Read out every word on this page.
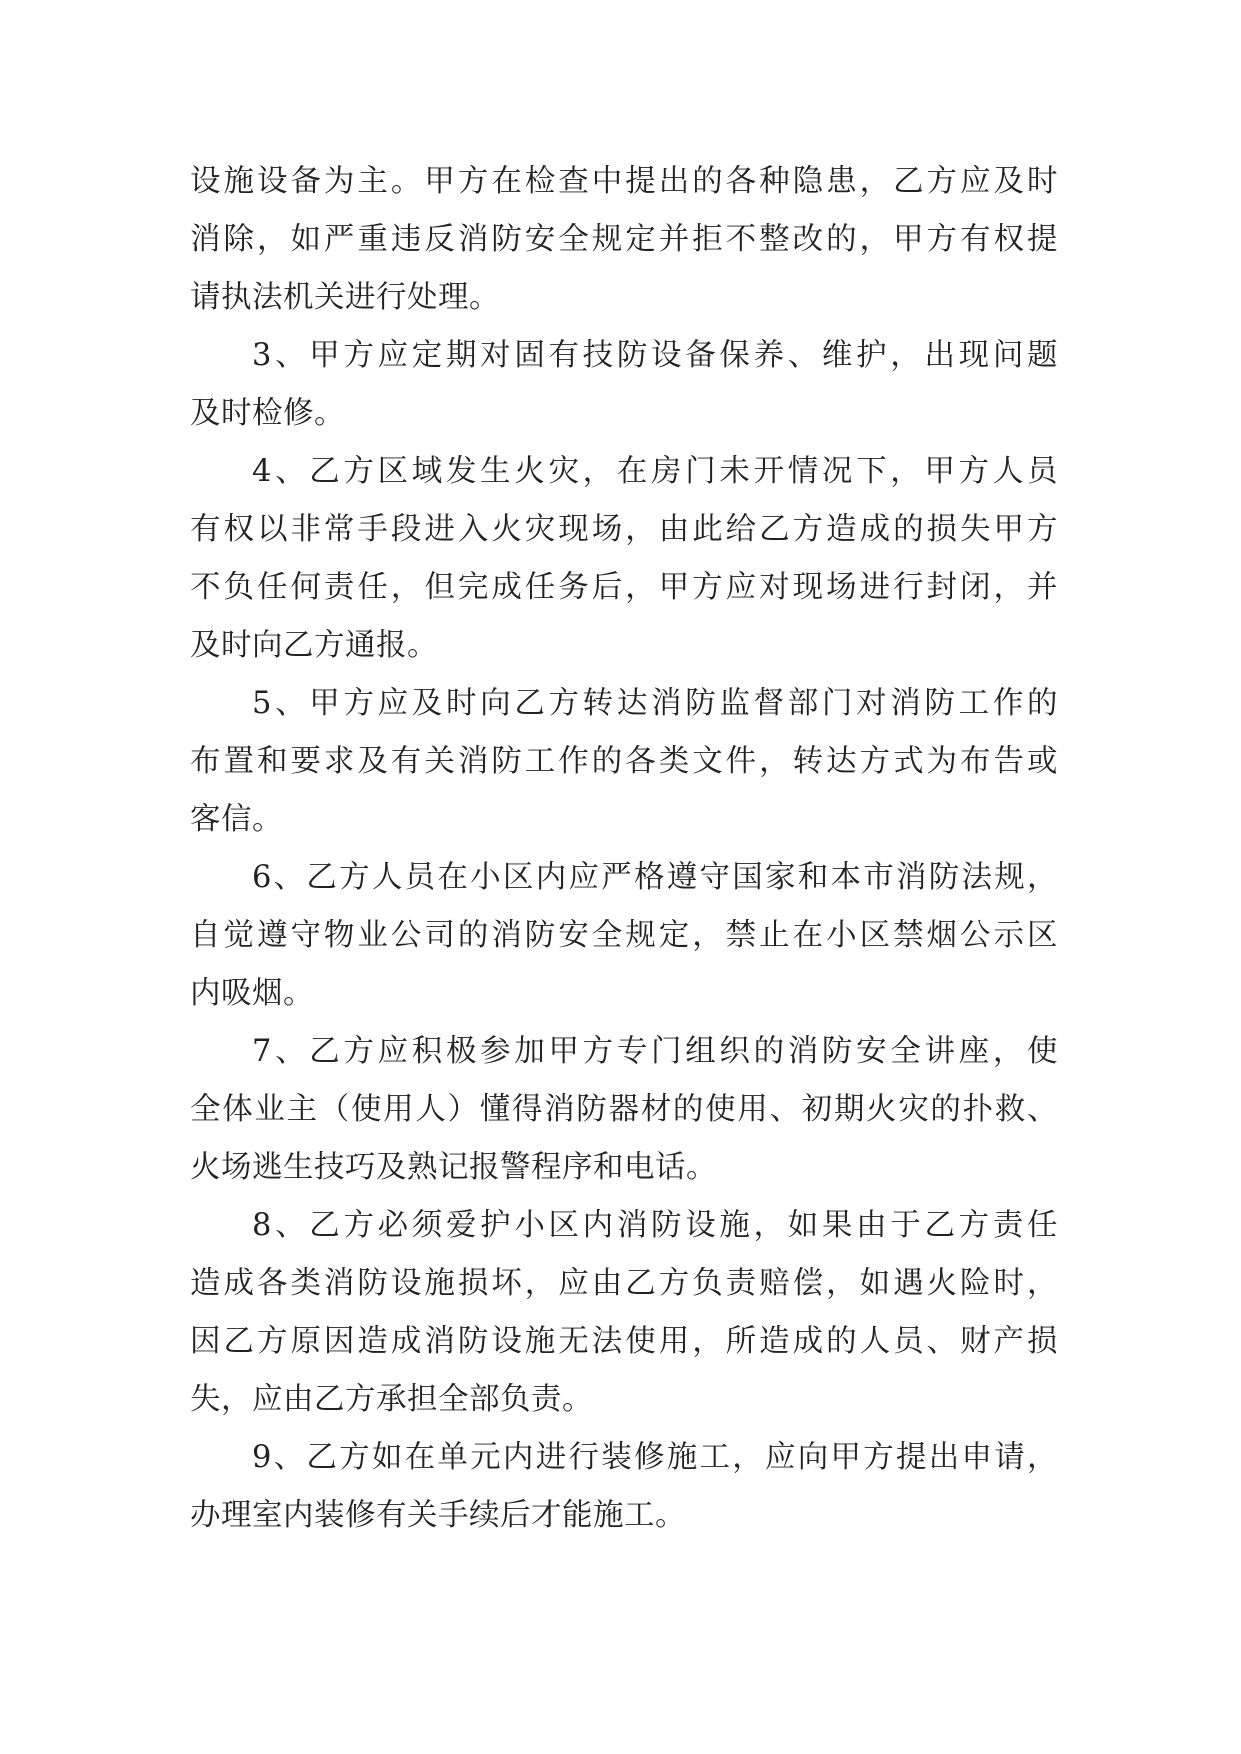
设施设备为主。甲方在检查中提出的各种隐患，乙方应及时
消除，如严重违反消防安全规定并拒不整改的，甲方有权提
请执法机关进行处理。
3、甲方应定期对固有技防设备保养、维护，出现问题
及时检修。
4、乙方区域发生火灾，在房门未开情况下，甲方人员
有权以非常手段进入火灾现场，由此给乙方造成的损失甲方
不负任何责任，但完成任务后，甲方应对现场进行封闭，并
及时向乙方通报。
5、甲方应及时向乙方转达消防监督部门对消防工作的
布置和要求及有关消防工作的各类文件，转达方式为布告或
客信。
6、乙方人员在小区内应严格遵守国家和本市消防法规，
自觉遵守物业公司的消防安全规定，禁止在小区禁烟公示区
内吸烟。
7、乙方应积极参加甲方专门组织的消防安全讲座，使
全体业主（使用人）懂得消防器材的使用、初期火灾的扑救、
火场逃生技巧及熟记报警程序和电话。
8、乙方必须爱护小区内消防设施，如果由于乙方责任
造成各类消防设施损坏，应由乙方负责赔偿，如遇火险时，
因乙方原因造成消防设施无法使用，所造成的人员、财产损
失，应由乙方承担全部负责。
9、乙方如在单元内进行装修施工，应向甲方提出申请，
办理室内装修有关手续后才能施工。
